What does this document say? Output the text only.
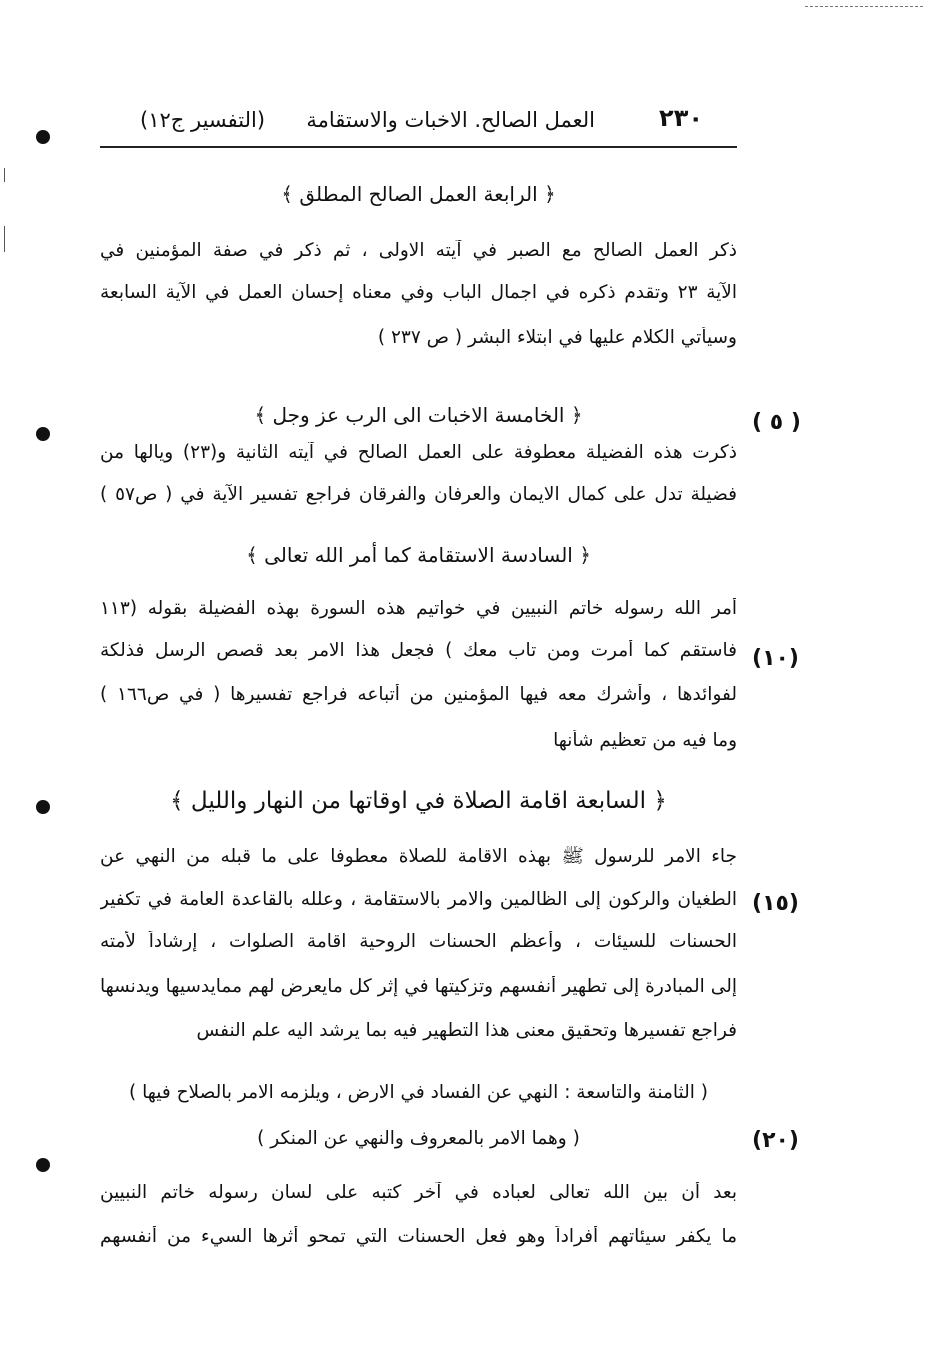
٢٣٠
العمل الصالح. الاخبات والاستقامة
(التفسير ج١٢)
﴿ الرابعة العمل الصالح المطلق ﴾
ذكر العمل الصالح مع الصبر في آيته الاولى ، ثم ذكر في صفة المؤمنين في
الآية ٢٣ وتقدم ذكره في اجمال الباب وفي معناه إحسان العمل في الآية السابعة
وسيأتي الكلام عليها في ابتلاء البشر ( ص ٢٣٧ )
( ٥ )
﴿ الخامسة الاخبات الى الرب عز وجل ﴾
ذكرت هذه الفضيلة معطوفة على العمل الصالح في آيته الثانية و(٢٣) ويالها من
فضيلة تدل على كمال الايمان والعرفان والفرقان فراجع تفسير الآية في ( ص٥٧ )
﴿ السادسة الاستقامة كما أمر الله تعالى ﴾
(١٠)
أمر الله رسوله خاتم النبيين في خواتيم هذه السورة بهذه الفضيلة بقوله (١١٣
فاستقم كما أمرت ومن تاب معك ) فجعل هذا الامر بعد قصص الرسل فذلكة
لفوائدها ، وأشرك معه فيها المؤمنين من أتباعه فراجع تفسيرها ( في ص١٦٦ )
وما فيه من تعظيم شأنها
﴿ السابعة اقامة الصلاة في اوقاتها من النهار والليل ﴾
(١٥)
جاء الامر للرسول ﷺ بهذه الاقامة للصلاة معطوفا على ما قبله من النهي عن
الطغيان والركون إلى الظالمين والامر بالاستقامة ، وعلله بالقاعدة العامة في تكفير
الحسنات للسيئات ، وأعظم الحسنات الروحية اقامة الصلوات ، إرشاداً لأمته
إلى المبادرة إلى تطهير أنفسهم وتزكيتها في إثر كل مايعرض لهم ممايدسيها ويدنسها
فراجع تفسيرها وتحقيق معنى هذا التطهير فيه بما يرشد اليه علم النفس
( الثامنة والتاسعة : النهي عن الفساد في الارض ، ويلزمه الامر بالصلاح فيها )
(٢٠)
( وهما الامر بالمعروف والنهي عن المنكر )
بعد أن بين الله تعالى لعباده في آخر كتبه على لسان رسوله خاتم النبيين
ما يكفر سيئاتهم أفراداً وهو فعل الحسنات التي تمحو أثرها السيء من أنفسهم
